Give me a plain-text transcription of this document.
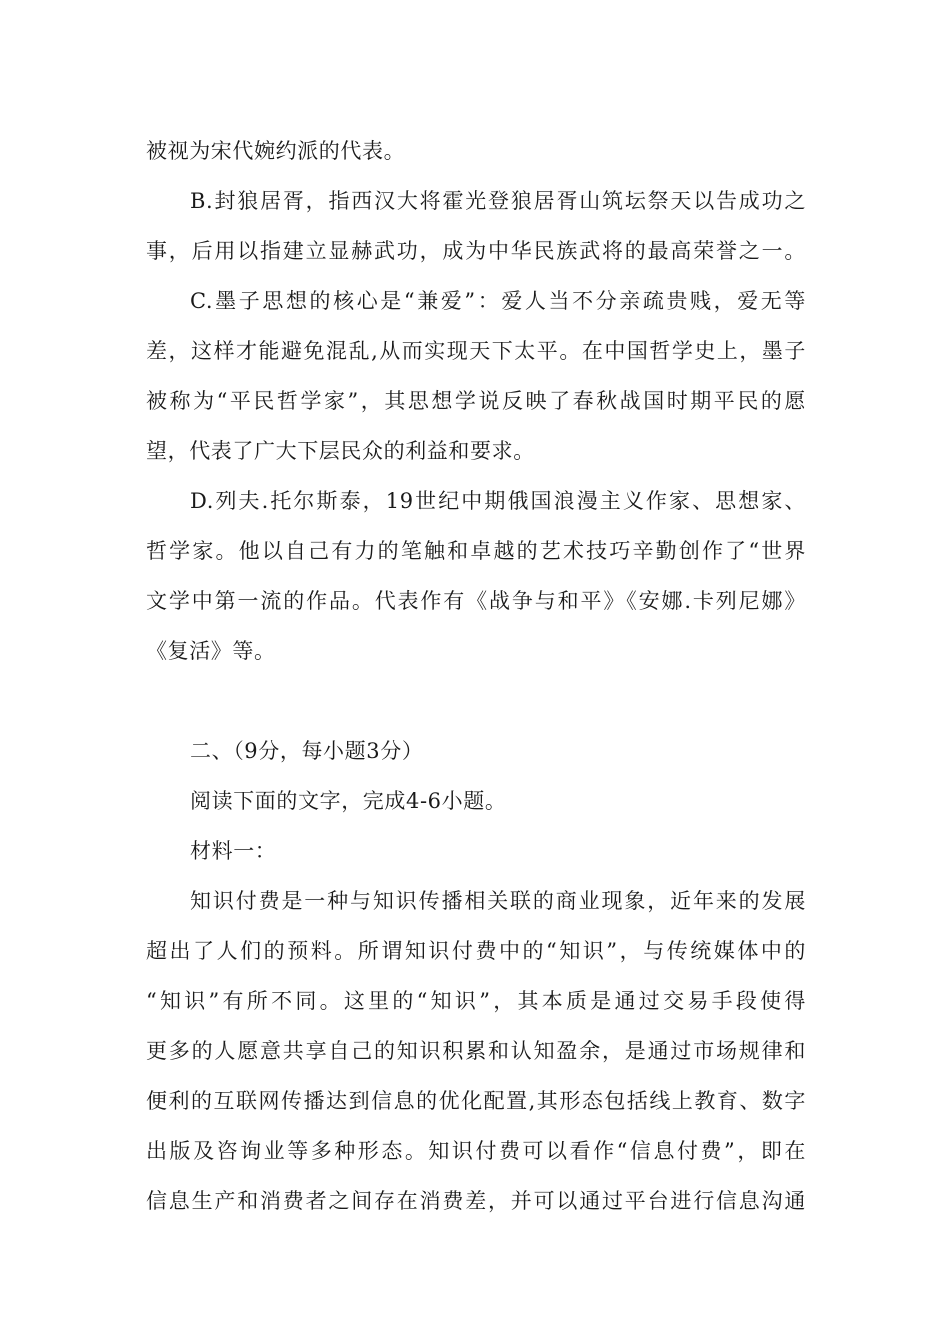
被视为宋代婉约派的代表。
B.封狼居胥，指西汉大将霍光登狼居胥山筑坛祭天以告成功之
事，后用以指建立显赫武功，成为中华民族武将的最高荣誉之一。
C.墨子思想的核心是“兼爱”：爱人当不分亲疏贵贱，爱无等
差，这样才能避免混乱,从而实现天下太平。在中国哲学史上，墨子
被称为“平民哲学家”，其思想学说反映了春秋战国时期平民的愿
望，代表了广大下层民众的利益和要求。
D.列夫.托尔斯泰，19世纪中期俄国浪漫主义作家、思想家、
哲学家。他以自己有力的笔触和卓越的艺术技巧辛勤创作了“世界
文学中第一流的作品。代表作有《战争与和平》《安娜.卡列尼娜》
《复活》等。
二、（9分，每小题3分）
阅读下面的文字，完成4-6小题。
材料一：
知识付费是一种与知识传播相关联的商业现象，近年来的发展
超出了人们的预料。所谓知识付费中的“知识”，与传统媒体中的
“知识”有所不同。这里的“知识”，其本质是通过交易手段使得
更多的人愿意共享自己的知识积累和认知盈余，是通过市场规律和
便利的互联网传播达到信息的优化配置,其形态包括线上教育、数字
出版及咨询业等多种形态。知识付费可以看作“信息付费”，即在
信息生产和消费者之间存在消费差，并可以通过平台进行信息沟通
